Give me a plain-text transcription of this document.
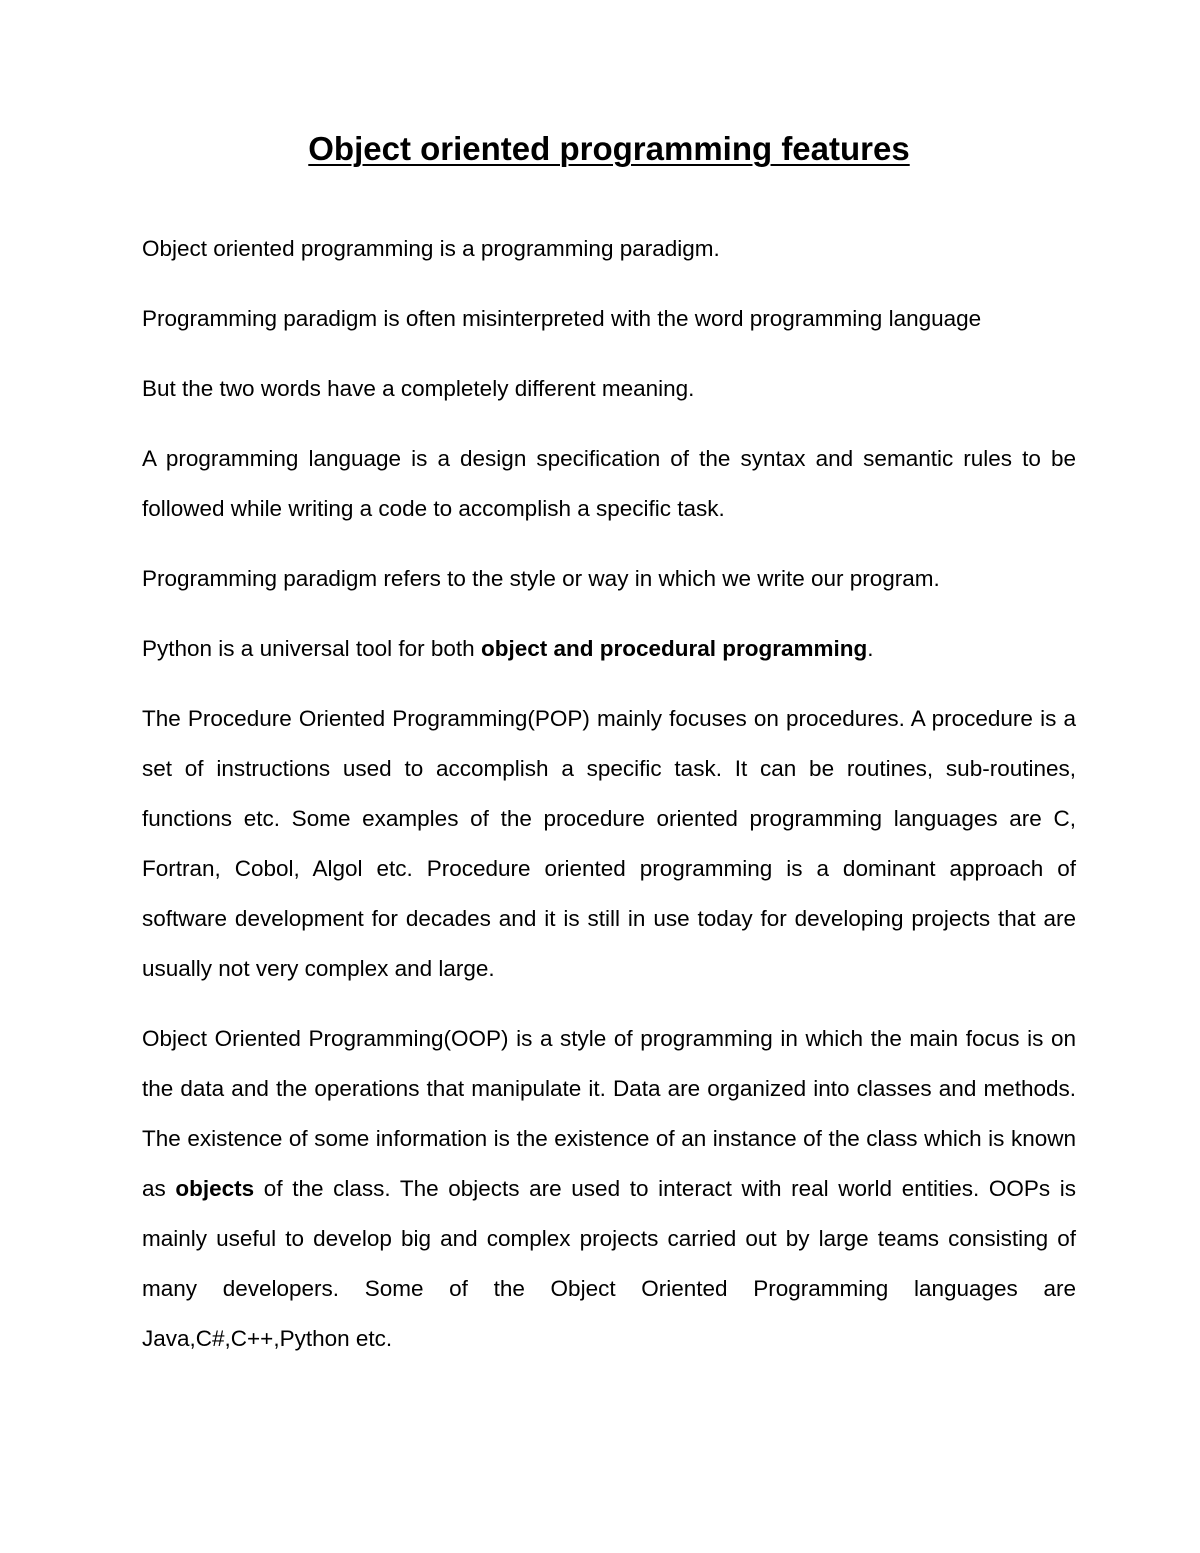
Object oriented programming features

Object oriented programming is a programming paradigm.

Programming paradigm is often misinterpreted with the word programming language

But the two words have a completely different meaning.

A programming language is a design specification of the syntax and semantic rules to be followed while writing a code to accomplish a specific task.

Programming paradigm refers to the style or way in which we write our program.

Python is a universal tool for both object and procedural programming.

The Procedure Oriented Programming(POP) mainly focuses on procedures. A procedure is a set of instructions used to accomplish a specific task. It can be routines, sub-routines, functions etc. Some examples of the procedure oriented programming languages are C, Fortran, Cobol, Algol etc. Procedure oriented programming is a dominant approach of software development for decades and it is still in use today for developing projects that are usually not very complex and large.

Object Oriented Programming(OOP) is a style of programming in which the main focus is on the data and the operations that manipulate it. Data are organized into classes and methods. The existence of some information is the existence of an instance of the class which is known as objects of the class. The objects are used to interact with real world entities. OOPs is mainly useful to develop big and complex projects carried out by large teams consisting of many developers. Some of the Object Oriented Programming languages are Java,C#,C++,Python etc.
